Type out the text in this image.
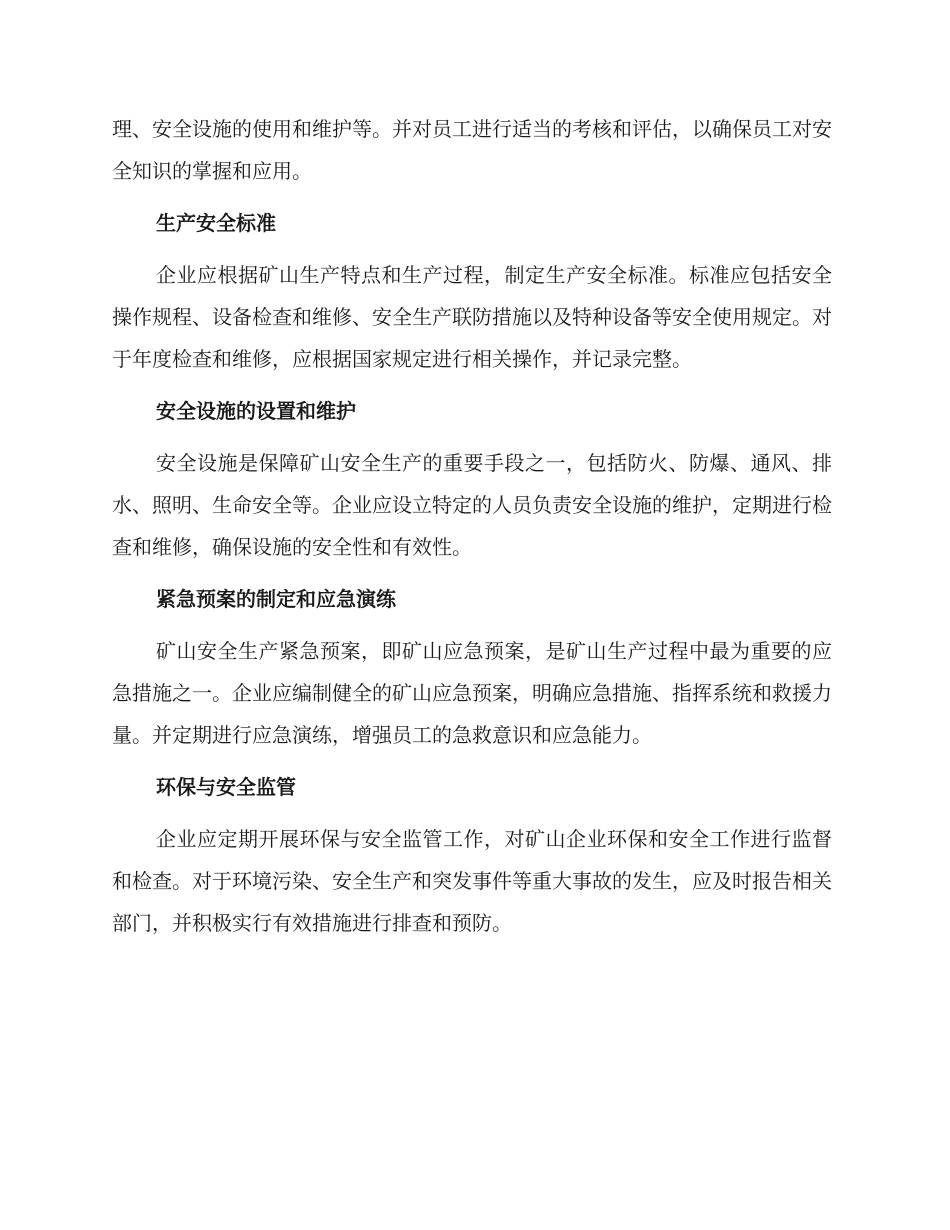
理、安全设施的使用和维护等。并对员工进行适当的考核和评估，以确保员工对安全知识的掌握和应用。

生产安全标准

企业应根据矿山生产特点和生产过程，制定生产安全标准。标准应包括安全操作规程、设备检查和维修、安全生产联防措施以及特种设备等安全使用规定。对于年度检查和维修，应根据国家规定进行相关操作，并记录完整。

安全设施的设置和维护

安全设施是保障矿山安全生产的重要手段之一，包括防火、防爆、通风、排水、照明、生命安全等。企业应设立特定的人员负责安全设施的维护，定期进行检查和维修，确保设施的安全性和有效性。

紧急预案的制定和应急演练

矿山安全生产紧急预案，即矿山应急预案，是矿山生产过程中最为重要的应急措施之一。企业应编制健全的矿山应急预案，明确应急措施、指挥系统和救援力量。并定期进行应急演练，增强员工的急救意识和应急能力。

环保与安全监管

企业应定期开展环保与安全监管工作，对矿山企业环保和安全工作进行监督和检查。对于环境污染、安全生产和突发事件等重大事故的发生，应及时报告相关部门，并积极实行有效措施进行排查和预防。
